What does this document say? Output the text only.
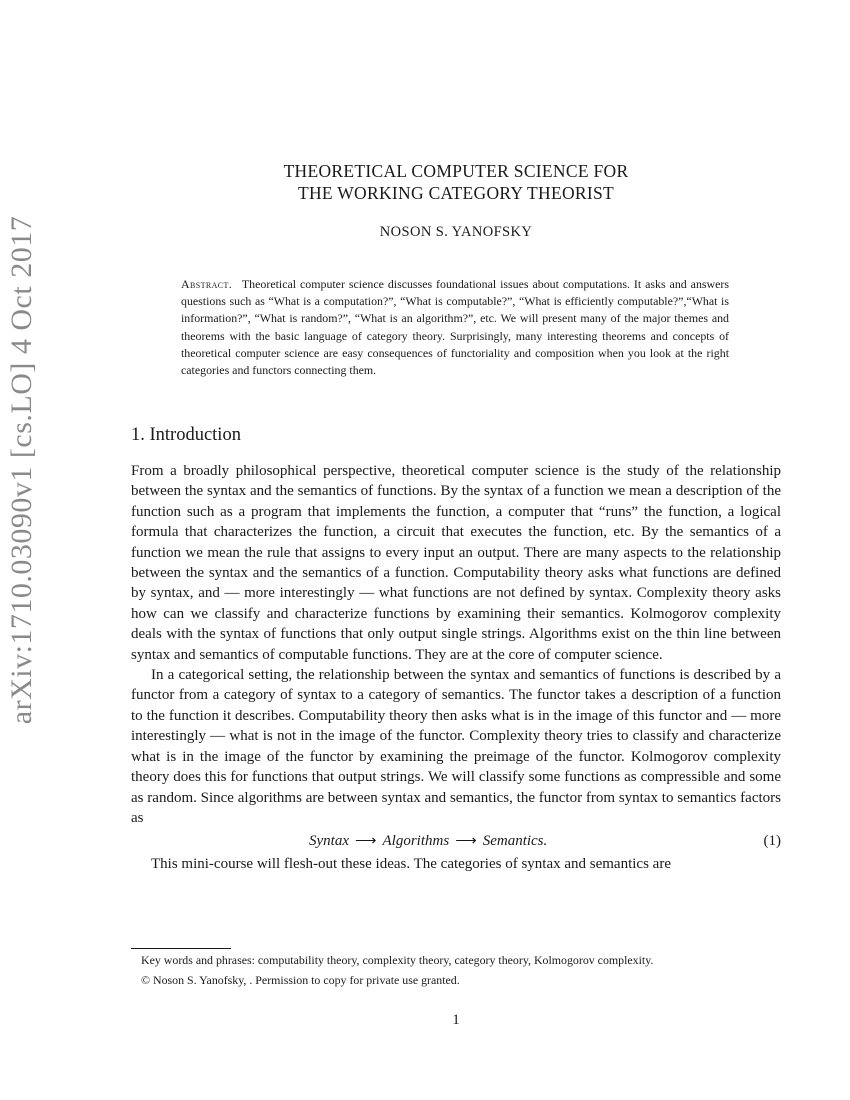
arXiv:1710.03090v1 [cs.LO] 4 Oct 2017
THEORETICAL COMPUTER SCIENCE FOR
THE WORKING CATEGORY THEORIST
NOSON S. YANOFSKY
Abstract. Theoretical computer science discusses foundational issues about computations. It asks and answers questions such as “What is a computation?”, “What is computable?”, “What is efficiently computable?”,“What is information?”, “What is random?”, “What is an algorithm?”, etc. We will present many of the major themes and theorems with the basic language of category theory. Surprisingly, many interesting theorems and concepts of theoretical computer science are easy consequences of functoriality and composition when you look at the right categories and functors connecting them.
1. Introduction

From a broadly philosophical perspective, theoretical computer science is the study of the relationship between the syntax and the semantics of functions. By the syntax of a function we mean a description of the function such as a program that implements the function, a computer that “runs” the function, a logical formula that characterizes the function, a circuit that executes the function, etc. By the semantics of a function we mean the rule that assigns to every input an output. There are many aspects to the relationship between the syntax and the semantics of a function. Computability theory asks what functions are defined by syntax, and — more interestingly — what functions are not defined by syntax. Complexity theory asks how can we classify and characterize functions by examining their semantics. Kolmogorov complexity deals with the syntax of functions that only output single strings. Algorithms exist on the thin line between syntax and semantics of computable functions. They are at the core of computer science.

In a categorical setting, the relationship between the syntax and semantics of functions is described by a functor from a category of syntax to a category of semantics. The functor takes a description of a function to the function it describes. Computability theory then asks what is in the image of this functor and — more interestingly — what is not in the image of the functor. Complexity theory tries to classify and characterize what is in the image of the functor by examining the preimage of the functor. Kolmogorov complexity theory does this for functions that output strings. We will classify some functions as compressible and some as random. Since algorithms are between syntax and semantics, the functor from syntax to semantics factors as

Syntax ⟶ Algorithms ⟶ Semantics.	(1)

This mini-course will flesh-out these ideas. The categories of syntax and semantics are

Key words and phrases: computability theory, complexity theory, category theory, Kolmogorov complexity.

© Noson S. Yanofsky, . Permission to copy for private use granted.

1
